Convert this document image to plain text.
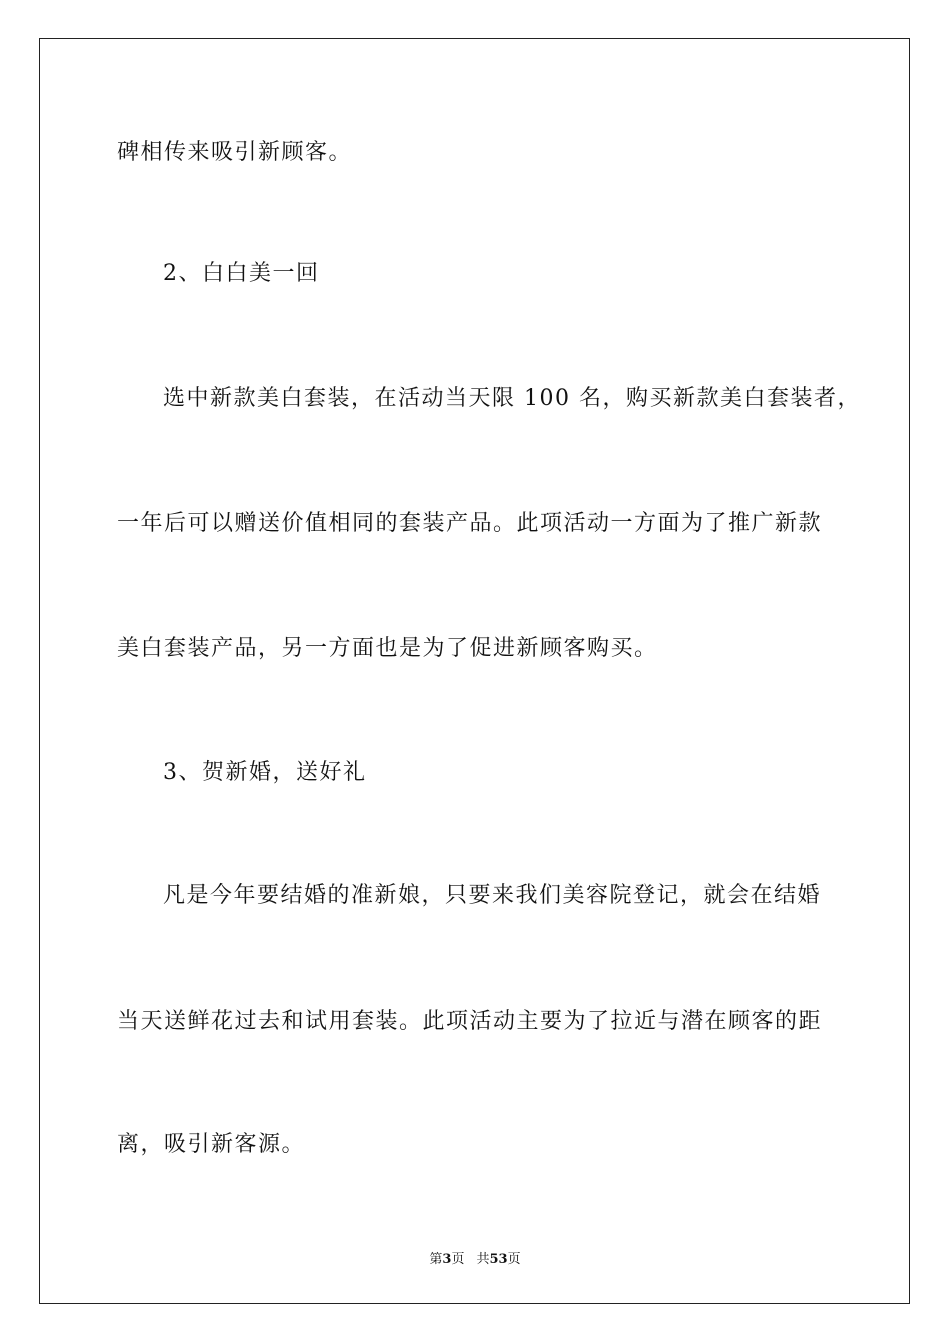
碑相传来吸引新顾客。
2、白白美一回
选中新款美白套装，在活动当天限 100 名，购买新款美白套装者，
一年后可以赠送价值相同的套装产品。此项活动一方面为了推广新款
美白套装产品，另一方面也是为了促进新顾客购买。
3、贺新婚，送好礼
凡是今年要结婚的准新娘，只要来我们美容院登记，就会在结婚
当天送鲜花过去和试用套装。此项活动主要为了拉近与潜在顾客的距
离，吸引新客源。
第3页 共53页
